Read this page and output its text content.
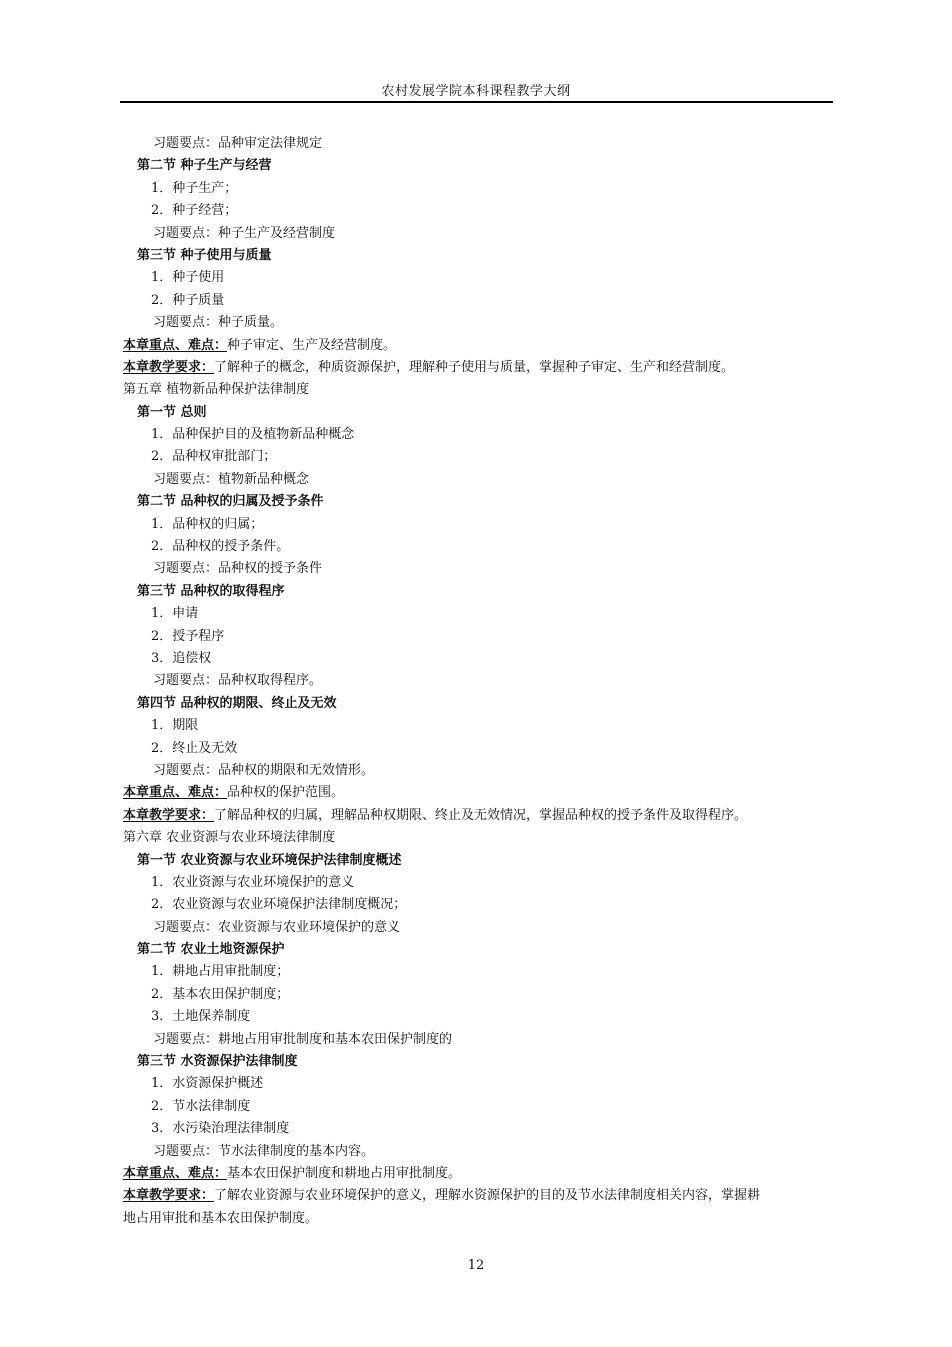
农村发展学院本科课程教学大纲
习题要点：品种审定法律规定
第二节 种子生产与经营
1．种子生产；
2．种子经营；
习题要点：种子生产及经营制度
第三节 种子使用与质量
1．种子使用
2．种子质量
习题要点：种子质量。
本章重点、难点：种子审定、生产及经营制度。
本章教学要求：了解种子的概念，种质资源保护，理解种子使用与质量，掌握种子审定、生产和经营制度。
第五章 植物新品种保护法律制度
第一节 总则
1．品种保护目的及植物新品种概念
2．品种权审批部门；
习题要点：植物新品种概念
第二节 品种权的归属及授予条件
1．品种权的归属；
2．品种权的授予条件。
习题要点：品种权的授予条件
第三节 品种权的取得程序
1．申请
2．授予程序
3．追偿权
习题要点：品种权取得程序。
第四节 品种权的期限、终止及无效
1．期限
2．终止及无效
习题要点：品种权的期限和无效情形。
本章重点、难点：品种权的保护范围。
本章教学要求：了解品种权的归属，理解品种权期限、终止及无效情况，掌握品种权的授予条件及取得程序。
第六章 农业资源与农业环境法律制度
第一节 农业资源与农业环境保护法律制度概述
1．农业资源与农业环境保护的意义
2．农业资源与农业环境保护法律制度概况；
习题要点：农业资源与农业环境保护的意义
第二节 农业土地资源保护
1．耕地占用审批制度；
2．基本农田保护制度；
3．土地保养制度
习题要点：耕地占用审批制度和基本农田保护制度的
第三节 水资源保护法律制度
1．水资源保护概述
2．节水法律制度
3．水污染治理法律制度
习题要点：节水法律制度的基本内容。
本章重点、难点：基本农田保护制度和耕地占用审批制度。
本章教学要求：了解农业资源与农业环境保护的意义，理解水资源保护的目的及节水法律制度相关内容，掌握耕
地占用审批和基本农田保护制度。
12
